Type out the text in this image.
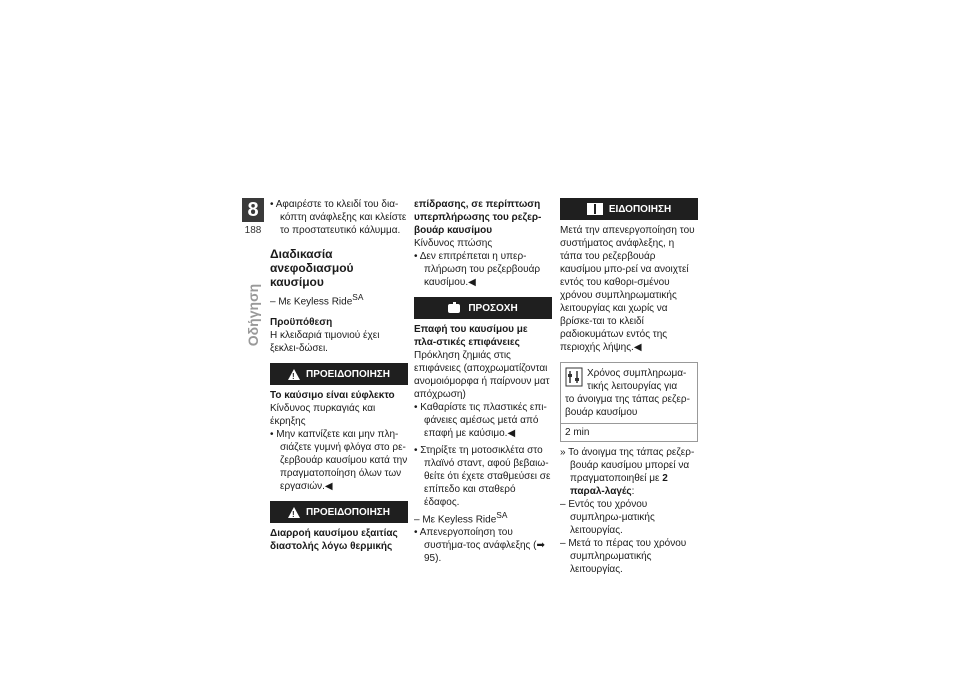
8
188
Οδήγηση

• Αφαιρέστε το κλειδί του δια-κόπτη ανάφλεξης και κλείστε το προστατευτικό κάλυμμα.

Διαδικασία ανεφοδιασμού καυσίμου

– Με Keyless Ride$^{SA}$

Προϋπόθεση

Η κλειδαριά τιμονιού έχει ξεκλει-δώσει.

!
ΠΡΟΕΙΔΟΠΟΙΗΣΗ
Το καύσιμο είναι εύφλεκτο

Κίνδυνος πυρκαγιάς και έκρηξης

• Μην καπνίζετε και μην πλη-σιάζετε γυμνή φλόγα στο ρε-ζερβουάρ καυσίμου κατά την πραγματοποίηση όλων των εργασιών.◀

!
ΠΡΟΕΙΔΟΠΟΙΗΣΗ
Διαρροή καυσίμου εξαιτίας διαστολής λόγω θερμικής
επίδρασης, σε περίπτωση υπερπλήρωσης του ρεζερ-βουάρ καυσίμου

Κίνδυνος πτώσης

• Δεν επιτρέπεται η υπερ-πλήρωση του ρεζερβουάρ καυσίμου.◀

ΠΡΟΣΟΧΗ
Επαφή του καυσίμου με πλα-στικές επιφάνειες

Πρόκληση ζημιάς στις επιφάνειες (αποχρωματίζονται ανομοιόμορφα ή παίρνουν ματ απόχρωση)

• Καθαρίστε τις πλαστικές επι-φάνειες αμέσως μετά από επαφή με καύσιμο.◀

• Στηρίξτε τη μοτοσικλέτα στο πλαϊνό σταντ, αφού βεβαιω-θείτε ότι έχετε σταθμεύσει σε επίπεδο και σταθερό έδαφος.

– Με Keyless Ride$^{SA}$

• Απενεργοποίηση του συστήμα-τος ανάφλεξης (➡ 95).

ΕΙΔΟΠΟΙΗΣΗ

Μετά την απενεργοποίηση του συστήματος ανάφλεξης, η τάπα του ρεζερβουάρ καυσίμου μπο-ρεί να ανοιχτεί εντός του καθορι-σμένου χρόνου συμπληρωματικής λειτουργίας και χωρίς να βρίσκε-ται το κλειδί ραδιοκυμάτων εντός της περιοχής λήψης.◀

Χρόνος συμπληρωμα-τικής λειτουργίας για
το άνοιγμα της τάπας ρεζερ-βουάρ καυσίμου
2 min

» Το άνοιγμα της τάπας ρεζερ-βουάρ καυσίμου μπορεί να πραγματοποιηθεί με 2 παραλ-λαγές:

– Εντός του χρόνου συμπληρω-ματικής λειτουργίας.

– Μετά το πέρας του χρόνου συμπληρωματικής λειτουργίας.
